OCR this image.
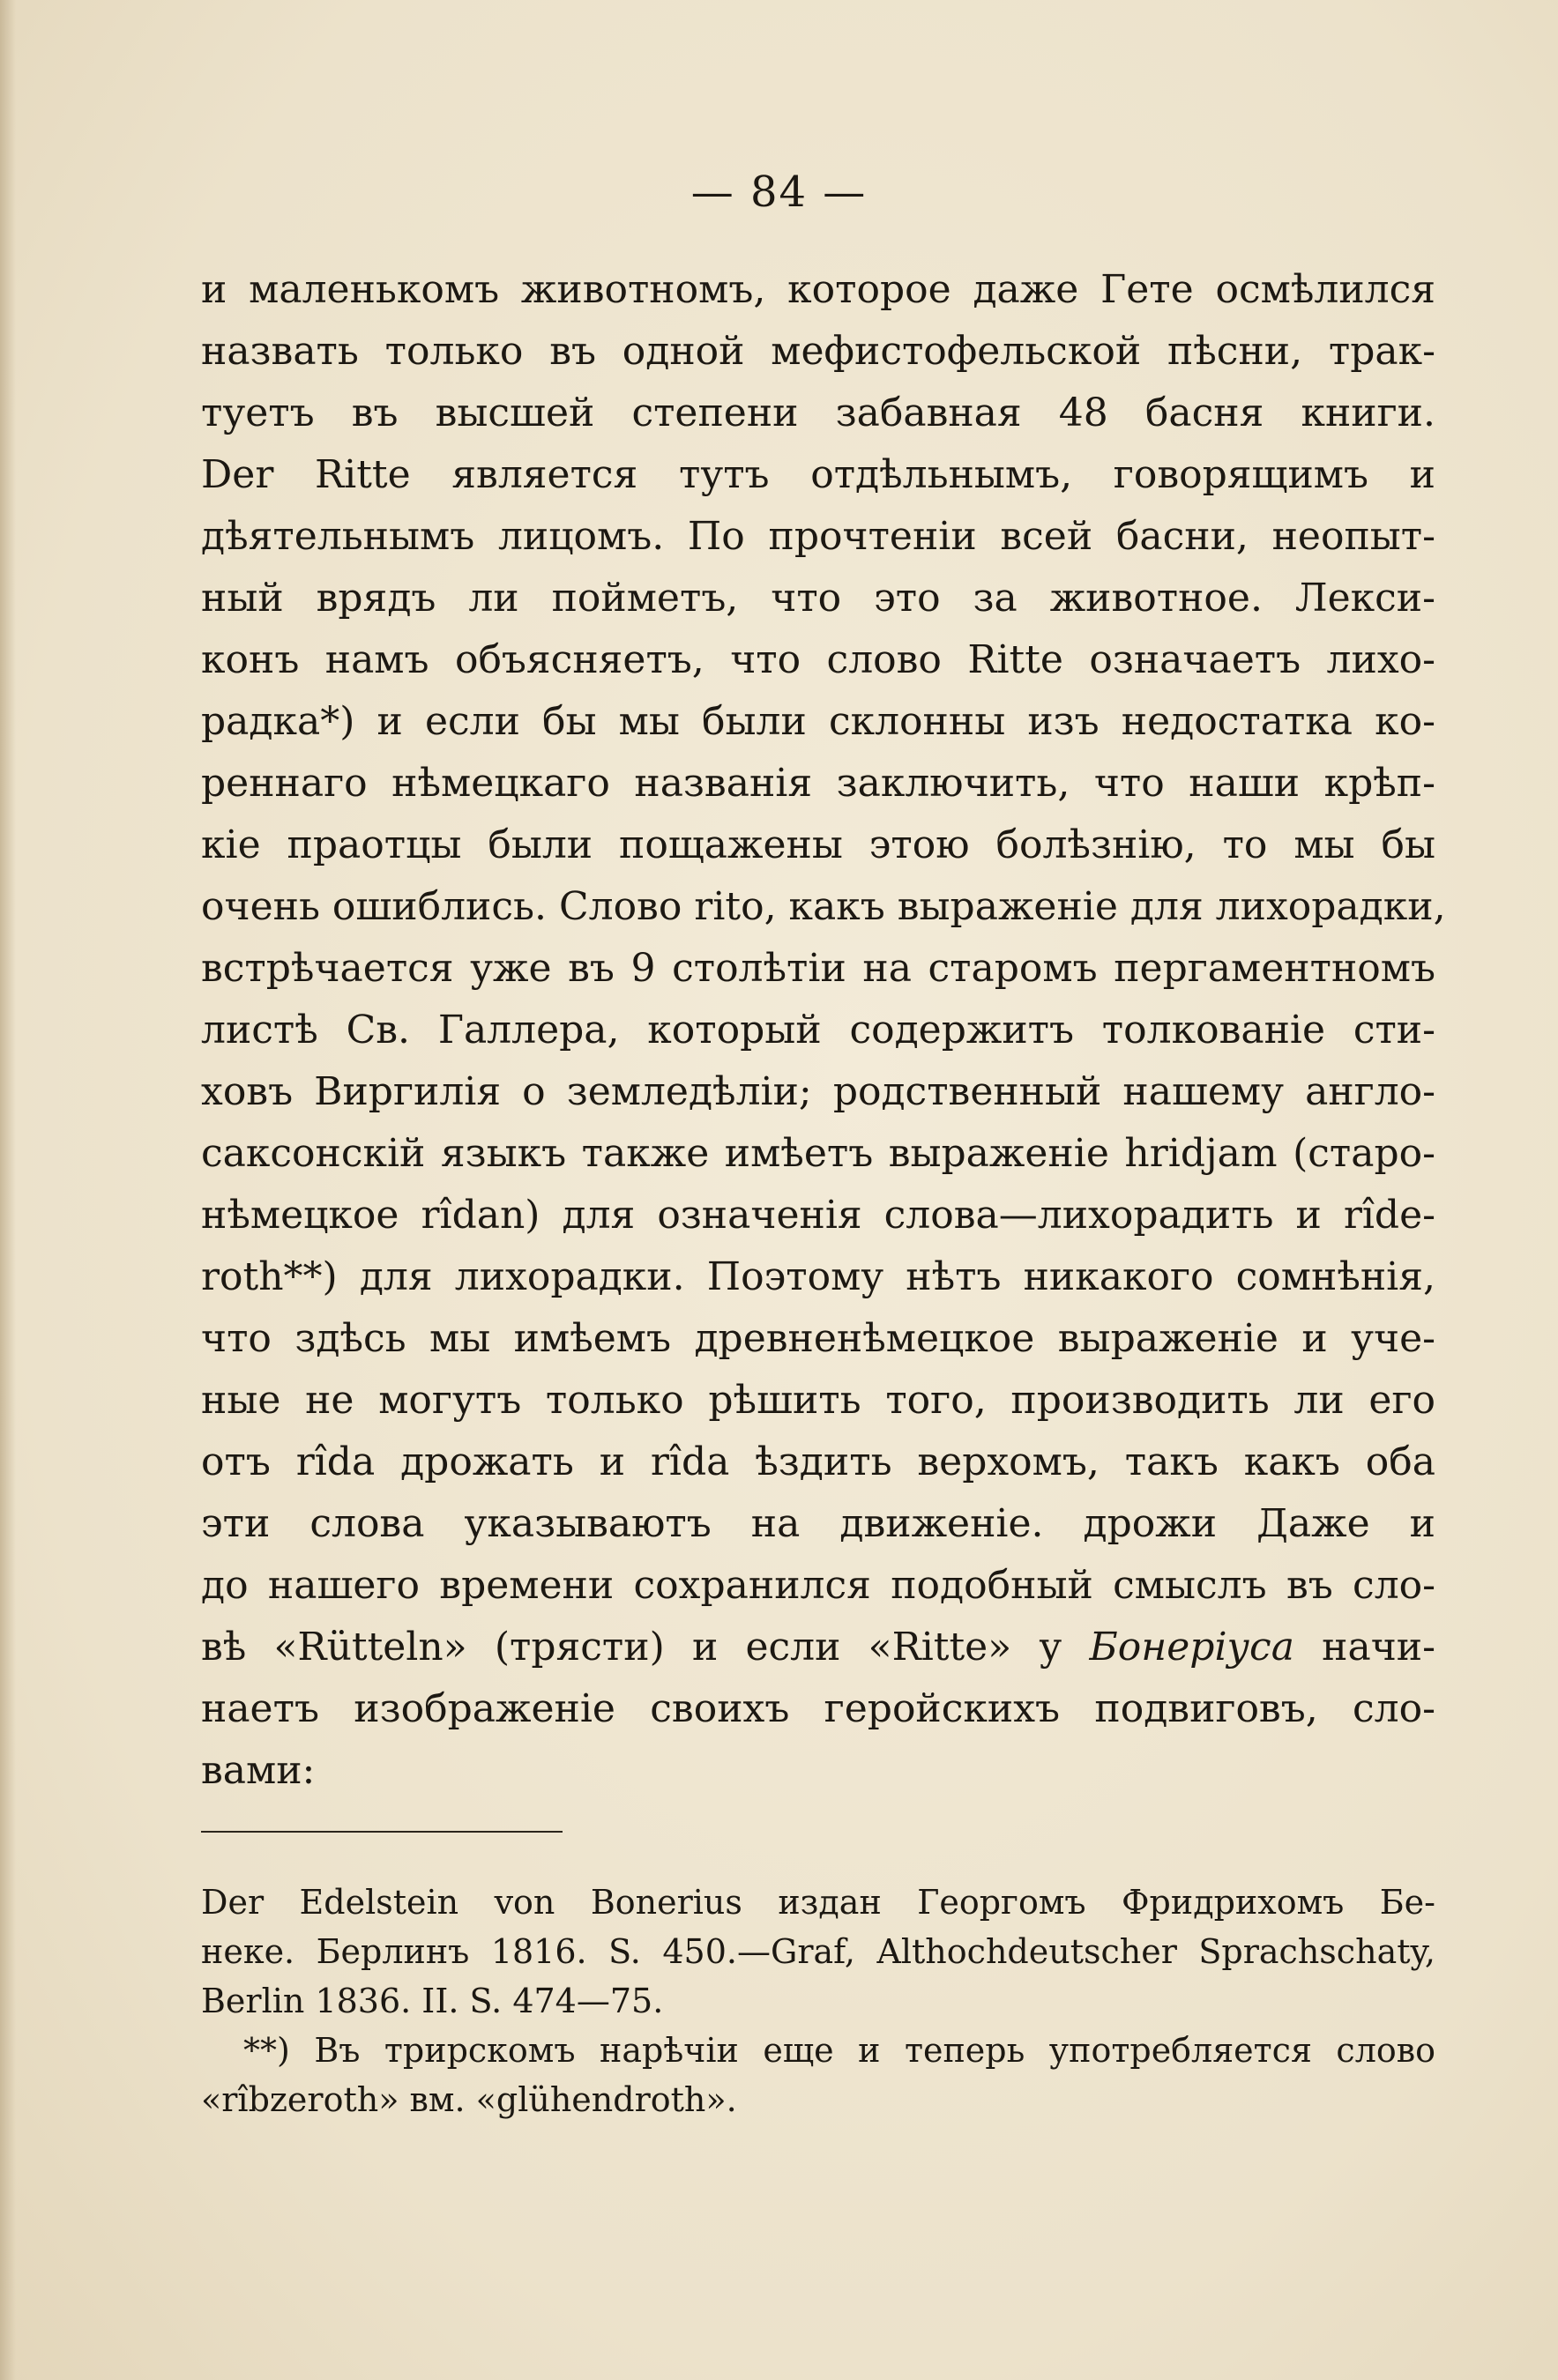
— 84 —
и маленькомъ животномъ, которое даже Гете осмѣлился
назвать только въ одной мефистофельской пѣсни, трак-
туетъ въ высшей степени забавная 48 басня книги.
Der Ritte является тутъ отдѣльнымъ, говорящимъ и
дѣятельнымъ лицомъ. По прочтенiи всей басни, неопыт-
ный врядъ ли пойметъ, что это за животное. Лекси-
конъ намъ объясняетъ, что слово Ritte означаетъ лихо-
радка*) и если бы мы были склонны изъ недостатка ко-
реннаго нѣмецкаго названiя заключить, что наши крѣп-
кiе праотцы были пощажены этою болѣзнiю, то мы бы
очень ошиблись. Слово rito, какъ выраженiе для лихорадки,
встрѣчается уже въ 9 столѣтiи на старомъ пергаментномъ
листѣ Св. Галлера, который содержитъ толкованiе сти-
ховъ Виргилiя о земледѣлiи; родственный нашему англо-
саксонскiй языкъ также имѣетъ выраженiе hridjam (старо-
нѣмецкое rîdan) для означенiя слова—лихорадить и rîde-
roth**) для лихорадки. Поэтому нѣтъ никакого сомнѣнiя,
что здѣсь мы имѣемъ древненѣмецкое выраженiе и уче-
ные не могутъ только рѣшить того, производить ли его
отъ rîda дрожать и rîda ѣздить верхомъ, такъ какъ оба
эти слова указываютъ на движенiе. дрожи Даже и
до нашего времени сохранился подобный смыслъ въ сло-
вѣ «Rütteln» (трясти) и если «Ritte» у Бонерiуса начи-
наетъ изображенiе своихъ геройскихъ подвиговъ, сло-
вами:
Der Edelstein von Bonerius издан Георгомъ Фридрихомъ Бе-
неке. Берлинъ 1816. S. 450.—Graf, Althochdeutscher Sprachschaty,
Berlin 1836. II. S. 474—75.
**) Въ трирскомъ нарѣчiи еще и теперь употребляется слово
«rîbzeroth» вм. «glühendroth».
